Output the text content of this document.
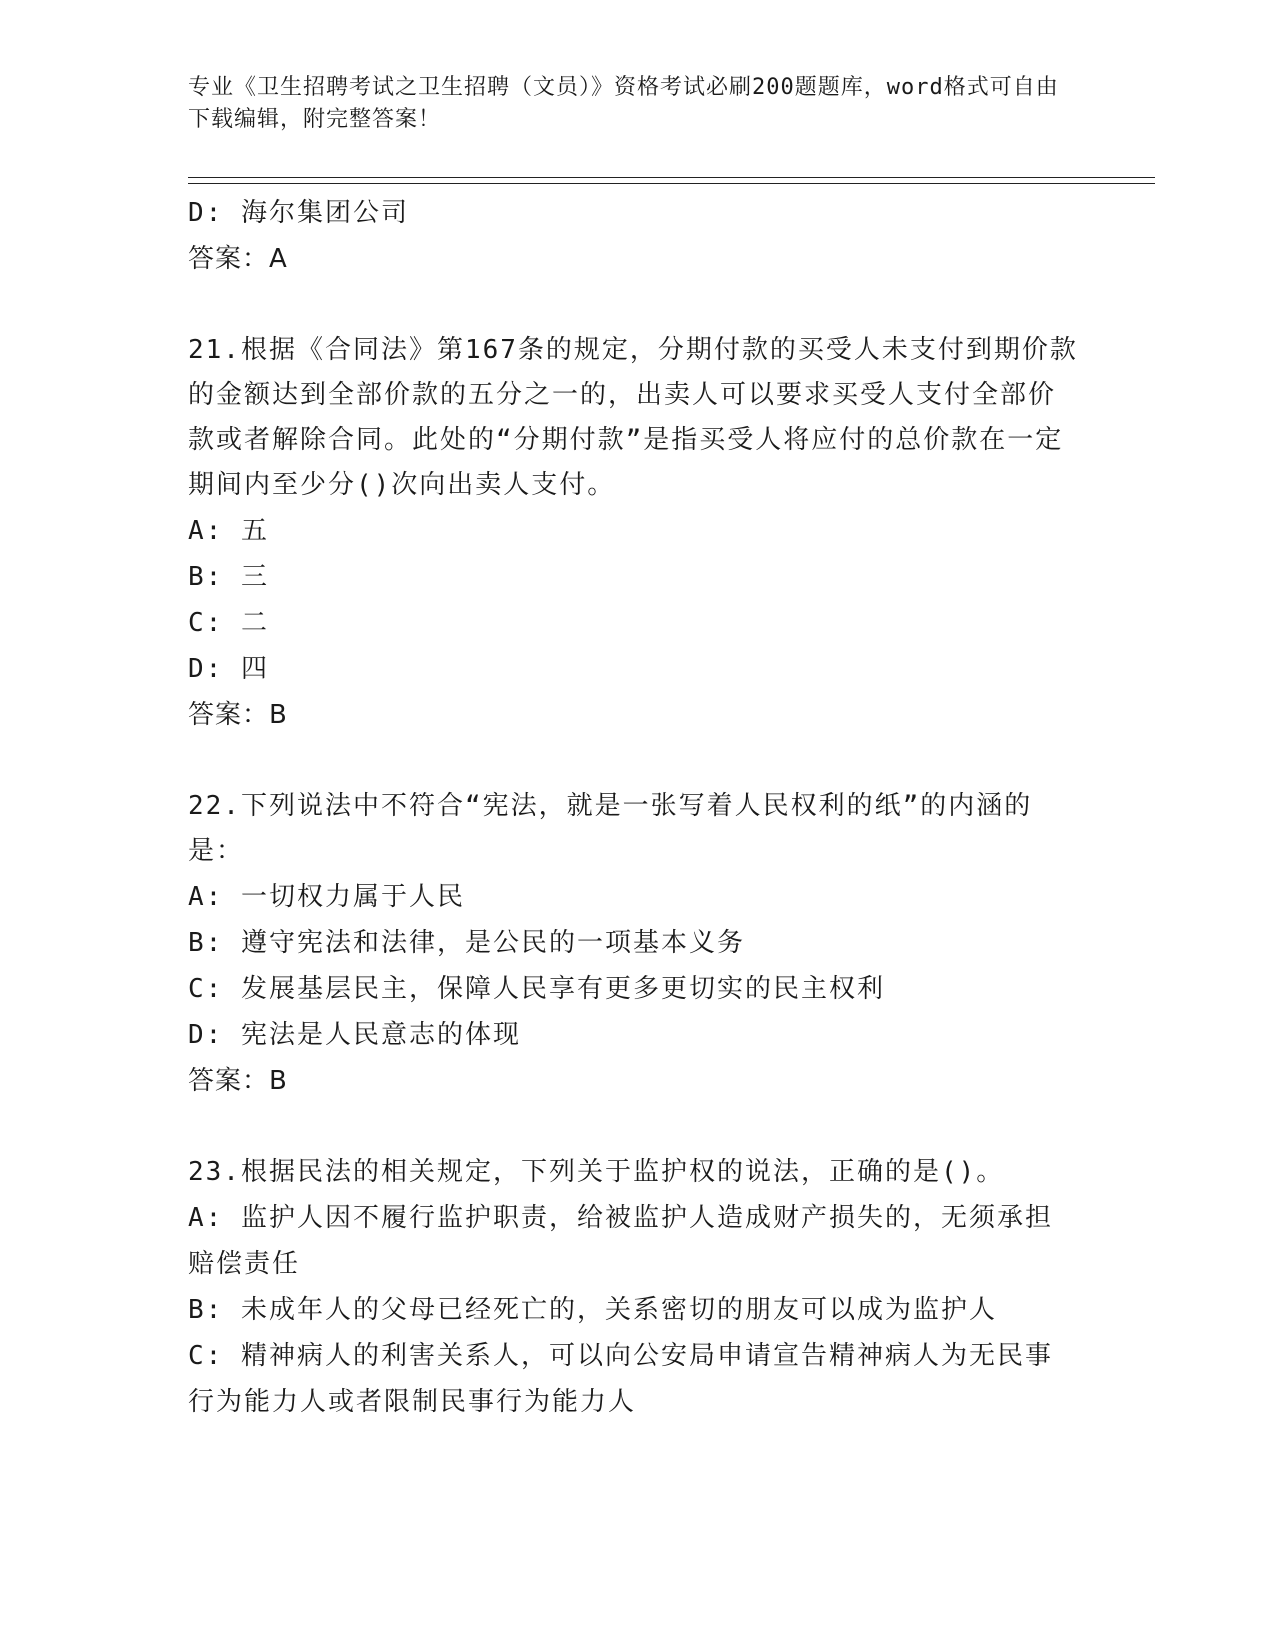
专业《卫生招聘考试之卫生招聘（文员）》资格考试必刷200题题库，word格式可自由下载编辑，附完整答案！
D: 海尔集团公司
答案：A
21.根据《合同法》第167条的规定，分期付款的买受人未支付到期价款的金额达到全部价款的五分之一的，出卖人可以要求买受人支付全部价款或者解除合同。此处的“分期付款”是指买受人将应付的总价款在一定期间内至少分()次向出卖人支付。
A: 五
B: 三
C: 二
D: 四
答案：B
22.下列说法中不符合“宪法，就是一张写着人民权利的纸”的内涵的是：
A: 一切权力属于人民
B: 遵守宪法和法律，是公民的一项基本义务
C: 发展基层民主，保障人民享有更多更切实的民主权利
D: 宪法是人民意志的体现
答案：B
23.根据民法的相关规定，下列关于监护权的说法，正确的是()。
A: 监护人因不履行监护职责，给被监护人造成财产损失的，无须承担赔偿责任
B: 未成年人的父母已经死亡的，关系密切的朋友可以成为监护人
C: 精神病人的利害关系人，可以向公安局申请宣告精神病人为无民事行为能力人或者限制民事行为能力人
